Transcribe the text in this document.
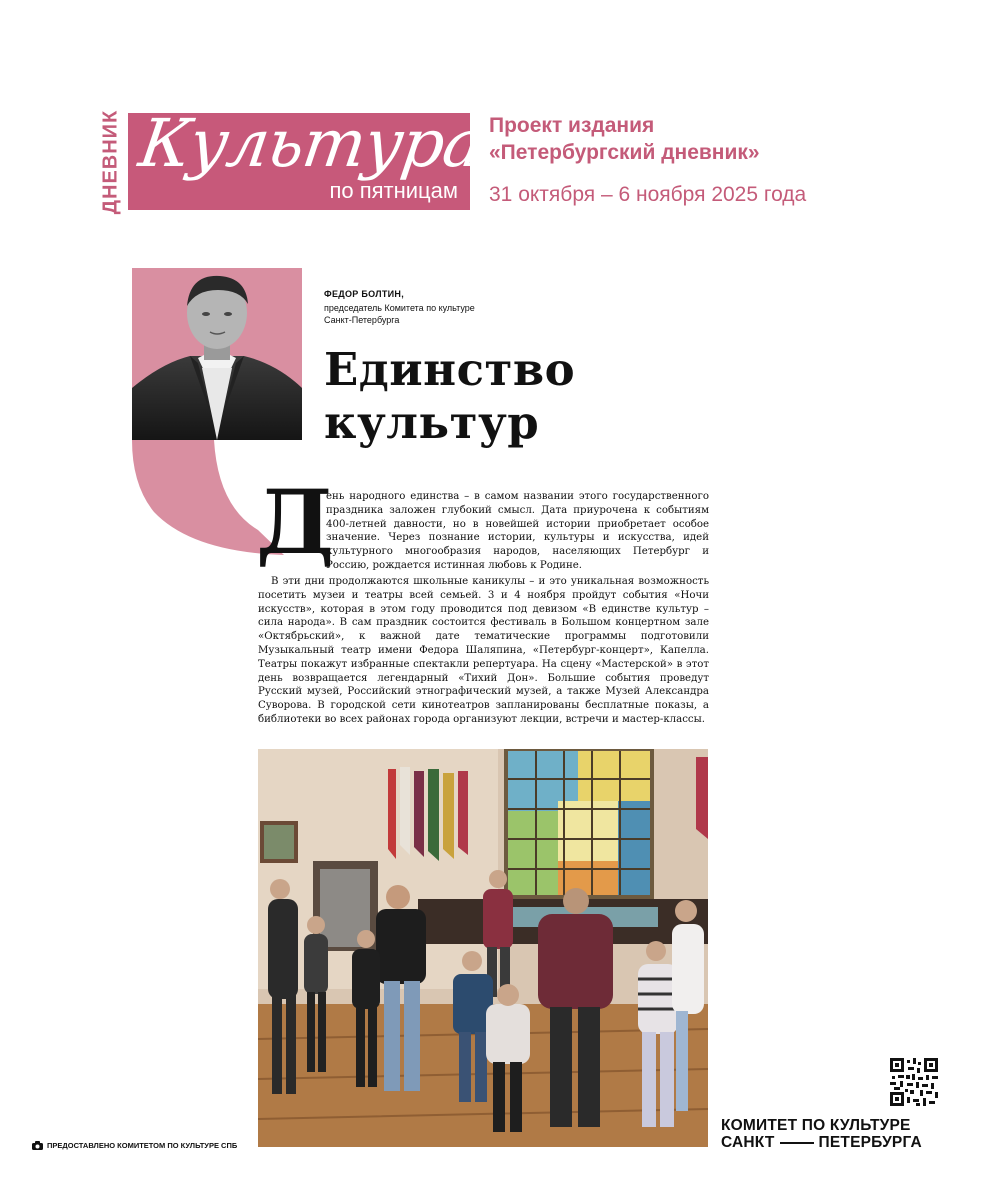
ДНЕВНИК Культура
по пятницам
Проект издания
«Петербургский дневник»
31 октября – 6 ноября 2025 года
ФЕДОР БОЛТИН,
председатель Комитета по культуре
Санкт-Петербурга
Единство
культур
Д
ень народного единства – в самом названии этого государственного праздника заложен глубокий смысл. Дата приурочена к событиям 400-летней давности, но в новейшей истории приобретает особое значение. Через познание истории, культуры и искусства, идей культурного многообразия народов, населяющих Петербург и Россию, рождается истинная любовь к Родине.
В эти дни продолжаются школьные каникулы – и это уникальная возможность посетить музеи и театры всей семьей. 3 и 4 ноября пройдут события «Ночи искусств», которая в этом году проводится под девизом «В единстве культур – сила народа». В сам праздник состоится фестиваль в Большом концертном зале «Октябрьский», к важной дате тематические программы подготовили Музыкальный театр имени Федора Шаляпина, «Петербург-концерт», Капелла. Театры покажут избранные спектакли репертуара. На сцену «Мастерской» в этот день возвращается легендарный «Тихий Дон». Большие события проведут Русский музей, Российский этнографический музей, а также Музей Александра Суворова. В городской сети кинотеатров запланированы бесплатные показы, а библиотеки во всех районах города организуют лекции, встречи и мастер-классы.
ПРЕДОСТАВЛЕНО КОМИТЕТОМ ПО КУЛЬТУРЕ СПБ
КОМИТЕТ ПО КУЛЬТУРЕ
САНКТ	ПЕТЕРБУРГА
